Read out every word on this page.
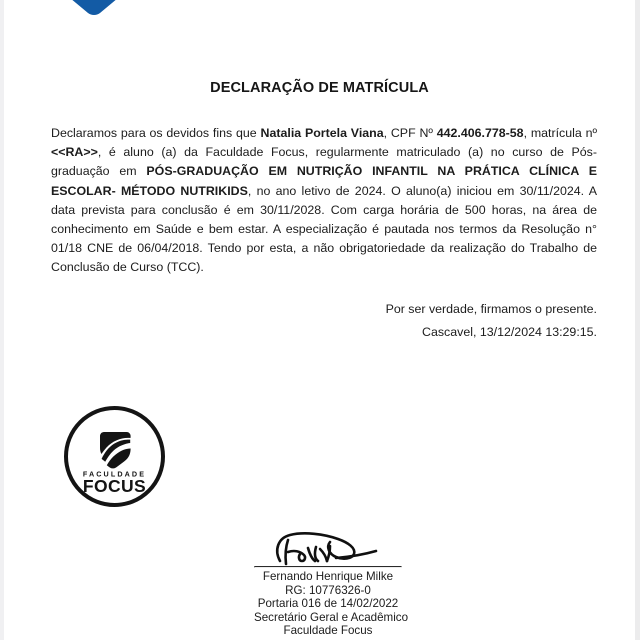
DECLARAÇÃO DE MATRÍCULA
Declaramos para os devidos fins que Natalia Portela Viana, CPF Nº 442.406.778-58, matrícula nº <<RA>>, é aluno (a) da Faculdade Focus, regularmente matriculado (a) no curso de Pós-graduação em PÓS-GRADUAÇÃO EM NUTRIÇÃO INFANTIL NA PRÁTICA CLÍNICA E ESCOLAR- MÉTODO NUTRIKIDS, no ano letivo de 2024. O aluno(a) iniciou em 30/11/2024. A data prevista para conclusão é em 30/11/2028. Com carga horária de 500 horas, na área de conhecimento em Saúde e bem estar. A especialização é pautada nos termos da Resolução n° 01/18 CNE de 06/04/2018. Tendo por esta, a não obrigatoriedade da realização do Trabalho de Conclusão de Curso (TCC).
Por ser verdade, firmamos o presente.
Cascavel, 13/12/2024 13:29:15.
FACULDADE
FOCUS
Fernando Henrique Milke
RG: 10776326-0
Portaria 016 de 14/02/2022
Secretário Geral e Acadêmico
Faculdade Focus
